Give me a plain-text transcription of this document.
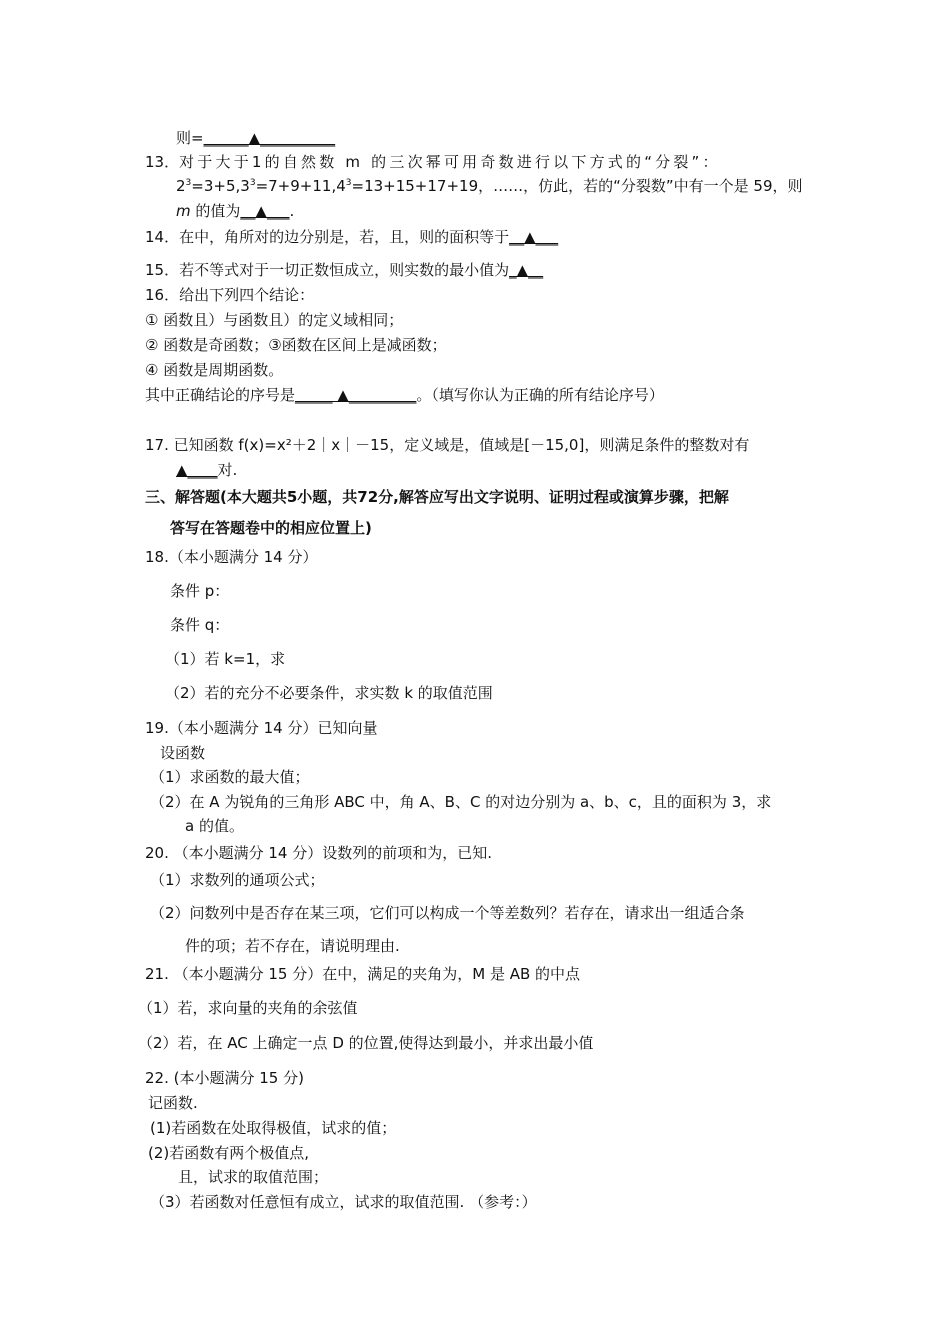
则=______▲__________
13．对于大于1的自然数 m 的三次幂可用奇数进行以下方式的“分裂”：
$2^3=3+5,3^3=7+9+11,4^3=13+15+17+19$，……，仿此，若的“分裂数”中有一个是 59，则
m 的值为__▲___.
14．在中，角所对的边分别是，若，且，则的面积等于__▲___
15．若不等式对于一切正数恒成立，则实数的最小值为_▲__
16．给出下列四个结论：
① 函数且）与函数且）的定义域相同；
② 函数是奇函数；③函数在区间上是减函数；
④ 函数是周期函数。
其中正确结论的序号是_____ ▲_________。（填写你认为正确的所有结论序号）
17. 已知函数 f(x)=x²＋2｜x｜－15，定义域是，值域是[－15,0]，则满足条件的整数对有
▲____对.
三、解答题(本大题共5小题，共72分,解答应写出文字说明、证明过程或演算步骤，把解
答写在答题卷中的相应位置上)
18.（本小题满分 14 分）
条件 p：
条件 q：
（1）若 k=1，求
（2）若的充分不必要条件，求实数 k 的取值范围
19.（本小题满分 14 分）已知向量
设函数
（1）求函数的最大值；
（2）在 A 为锐角的三角形 ABC 中，角 A、B、C 的对边分别为 a、b、c，且的面积为 3，求
a 的值。
20. （本小题满分 14 分）设数列的前项和为，已知.
（1）求数列的通项公式；
（2）问数列中是否存在某三项，它们可以构成一个等差数列？若存在，请求出一组适合条
件的项；若不存在，请说明理由.
21. （本小题满分 15 分）在中，满足的夹角为，M 是 AB 的中点
（1）若，求向量的夹角的余弦值
（2）若，在 AC 上确定一点 D 的位置,使得达到最小，并求出最小值
22. (本小题满分 15 分)
记函数.
(1)若函数在处取得极值，试求的值；
(2)若函数有两个极值点,
且，试求的取值范围；
（3）若函数对任意恒有成立，试求的取值范围. （参考：）
